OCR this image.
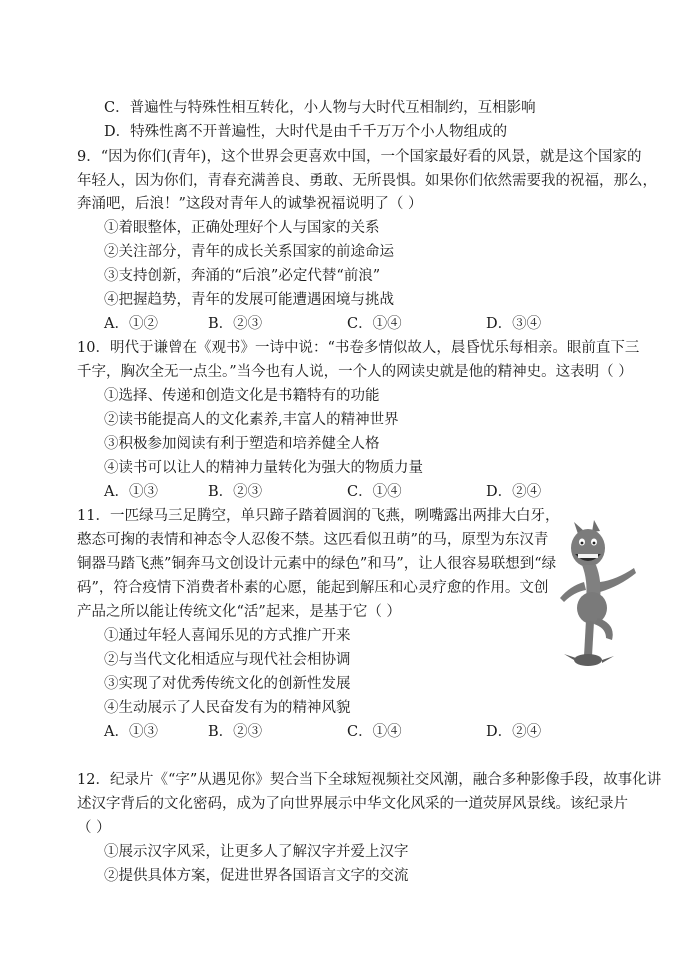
C．普遍性与特殊性相互转化，小人物与大时代互相制约，互相影响
D．特殊性离不开普遍性，大时代是由千千万万个小人物组成的
9．“因为你们(青年)，这个世界会更喜欢中国，一个国家最好看的风景，就是这个国家的
年轻人，因为你们，青春充满善良、勇敢、无所畏惧。如果你们依然需要我的祝福，那么，
奔涌吧，后浪！”这段对青年人的诚挚祝福说明了（ ）
①着眼整体，正确处理好个人与国家的关系
②关注部分，青年的成长关系国家的前途命运
③支持创新，奔涌的“后浪”必定代替“前浪”
④把握趋势，青年的发展可能遭遇困境与挑战
A．①②	B．②③	C．①④	D．③④
10．明代于谦曾在《观书》一诗中说：“书卷多情似故人，晨昏忧乐每相亲。眼前直下三
千字，胸次全无一点尘。”当今也有人说，一个人的网读史就是他的精神史。这表明（ ）
①选择、传递和创造文化是书籍特有的功能
②读书能提高人的文化素养,丰富人的精神世界
③积极参加阅读有利于塑造和培养健全人格
④读书可以让人的精神力量转化为强大的物质力量
A．①③	B．②③	C．①④	D．②④
11．一匹绿马三足腾空，单只蹄子踏着圆润的飞燕，咧嘴露出两排大白牙，
憨态可掬的表情和神态令人忍俊不禁。这匹看似丑萌”的马，原型为东汉青
铜器马踏飞燕”铜奔马文创设计元素中的绿色”和马”，让人很容易联想到“绿
码”，符合疫情下消费者朴素的心愿，能起到解压和心灵疗愈的作用。文创
产品之所以能让传统文化“活”起来，是基于它（ ）
①通过年轻人喜闻乐见的方式推广开来
②与当代文化相适应与现代社会相协调
③实现了对优秀传统文化的创新性发展
④生动展示了人民奋发有为的精神风貌
A．①③	B．②③	C．①④	D．②④
12．纪录片《“字”从遇见你》契合当下全球短视频社交风潮，融合多种影像手段，故事化讲
述汉字背后的文化密码，成为了向世界展示中华文化风采的一道荧屏风景线。该纪录片
（ ）
①展示汉字风采，让更多人了解汉字并爱上汉字
②提供具体方案，促进世界各国语言文字的交流
